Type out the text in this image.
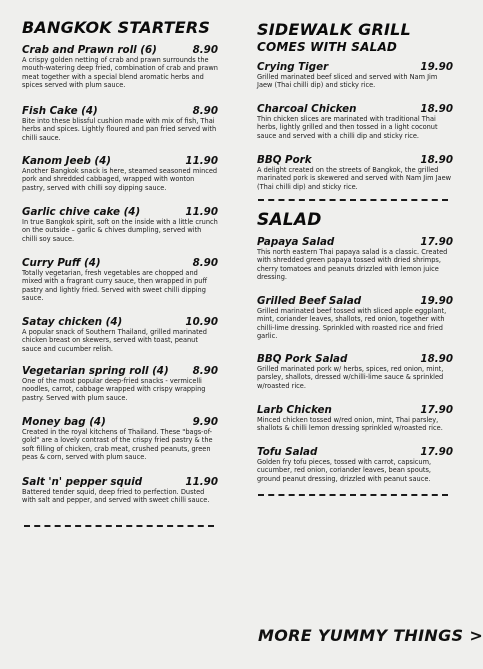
BANGKOK STARTERS
Crab and Prawn roll (6)	8.90
A crispy golden netting of crab and prawn surrounds the mouth-watering deep fried, combination of crab and prawn meat together with a special blend aromatic herbs and spices served with plum sauce.
Fish Cake (4)	8.90
Bite into these blissful cushion made with mix of fish, Thai herbs and spices. Lightly floured and pan fried served with chilli sauce.
Kanom Jeeb (4)	11.90
Another Bangkok snack is here, steamed seasoned minced pork and shredded cabbaged, wrapped with wonton pastry, served with chilli soy dipping sauce.
Garlic chive cake (4)	11.90
In true Bangkok spirit, soft on the inside with a little crunch on the outside – garlic & chives dumpling, served with chilli soy sauce.
Curry Puff (4)	8.90
Totally vegetarian, fresh vegetables are chopped and mixed with a fragrant curry sauce, then wrapped in puff pastry and lightly fried. Served with sweet chilli dipping sauce.
Satay chicken (4)	10.90
A popular snack of Southern Thailand, grilled marinated chicken breast on skewers, served with toast, peanut sauce and cucumber relish.
Vegetarian spring roll (4) 8.90
One of the most popular deep-fried snacks - vermicelli noodles, carrot, cabbage wrapped with crispy wrapping pastry. Served with plum sauce.
Money bag (4)	9.90
Created in the royal kitchens of Thailand. These "bags-of-gold" are a lovely contrast of the crispy fried pastry & the soft filling of chicken, crab meat, crushed peanuts, green peas & corn, served with plum sauce.
Salt 'n' pepper squid	11.90
Battered tender squid, deep fried to perfection. Dusted with salt and pepper, and served with sweet chilli sauce.
SIDEWALK GRILL
COMES WITH SALAD
Crying Tiger	19.90
Grilled marinated beef sliced and served with Nam Jim Jaew (Thai chilli dip) and sticky rice.
Charcoal Chicken	18.90
Thin chicken slices are marinated with traditional Thai herbs, lightly grilled and then tossed in a light coconut sauce and served with a chilli dip and sticky rice.
BBQ Pork	18.90
A delight created on the streets of Bangkok, the grilled marinated pork is skewered and served with Nam Jim Jaew (Thai chilli dip) and sticky rice.
SALAD
Papaya Salad	17.90
This north eastern Thai papaya salad is a classic. Created with shredded green papaya tossed with dried shrimps, cherry tomatoes and peanuts drizzled with lemon juice dressing.
Grilled Beef Salad	19.90
Grilled marinated beef tossed with sliced apple eggplant, mint, coriander leaves, shallots, red onion, together with chilli-lime dressing. Sprinkled with roasted rice and fried garlic.
BBQ Pork Salad	18.90
Grilled marinated pork w/ herbs, spices, red onion, mint, parsley, shallots, dressed w/chilli-lime sauce & sprinkled w/roasted rice.
Larb Chicken	17.90
Minced chicken tossed w/red onion, mint, Thai parsley, shallots & chilli lemon dressing sprinkled w/roasted rice.
Tofu Salad	17.90
Golden fry tofu pieces, tossed with carrot, capsicum, cucumber, red onion, coriander leaves, bean spouts, ground peanut dressing, drizzled with peanut sauce.
MORE YUMMY THINGS >
